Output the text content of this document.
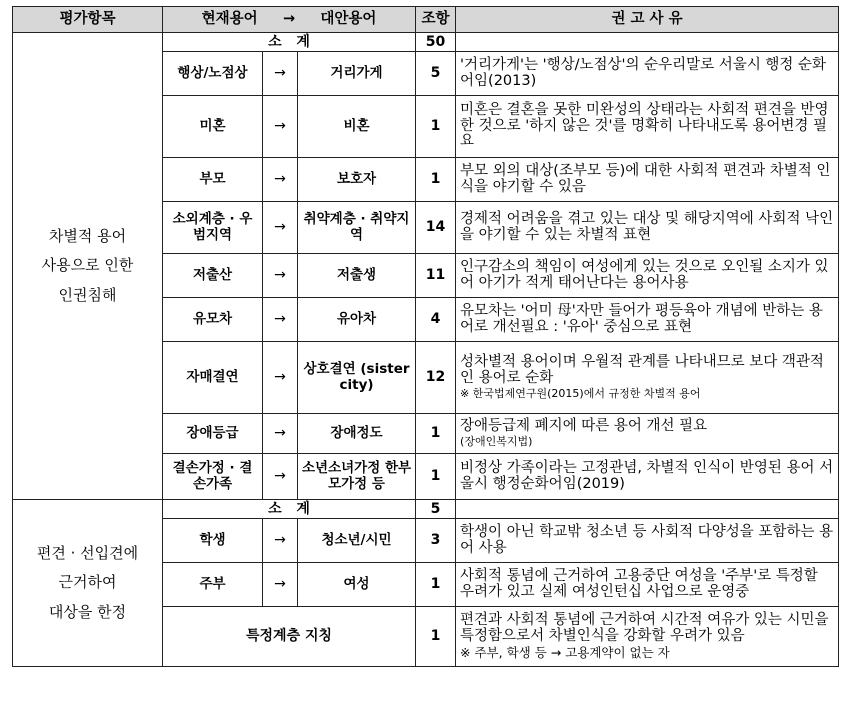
평가항목	현재용어 → 대안용어			조항	권 고 사 유
차별적 용어
사용으로 인한
인권침해	소   계			50	
	행상/노점상	→	거리가게	5	'거리가게'는 '행상/노점상'의 순우리말로 서울시 행정 순화어임(2013)
	미혼	→	비혼	1	미혼은 결혼을 못한 미완성의 상태라는 사회적 편견을 반영한 것으로 '하지 않은 것'를 명확히 나타내도록 용어변경 필요
	부모	→	보호자	1	부모 외의 대상(조부모 등)에 대한 사회적 편견과 차별적 인식을 야기할 수 있음
	소외계층 · 우범지역	→	취약계층 · 취약지역	14	경제적 어려움을 겪고 있는 대상 및 해당지역에 사회적 낙인을 야기할 수 있는 차별적 표현
	저출산	→	저출생	11	인구감소의 책임이 여성에게 있는 것으로 오인될 소지가 있어 아기가 적게 태어난다는 용어사용
	유모차	→	유아차	4	유모차는 '어미 母'자만 들어가 평등육아 개념에 반하는 용어로 개선필요 : '유아' 중심으로 표현
	자매결연	→	상호결연 (sister city)	12	성차별적 용어이며 우월적 관계를 나타내므로 보다 객관적인 용어로 순화
※ 한국법제연구원(2015)에서 규정한 차별적 용어

	장애등급	→	장애정도	1	장애등급제 폐지에 따른 용어 개선 필요
(장애인복지법)

	결손가정 · 결손가족	→	소년소녀가정 한부모가정 등	1	비정상 가족이라는 고정관념, 차별적 인식이 반영된 용어 서울시 행정순화어임(2019)
편견 · 선입견에
근거하여
대상을 한정	소   계			5	
	학생	→	청소년/시민	3	학생이 아닌 학교밖 청소년 등 사회적 다양성을 포함하는 용어 사용
	주부	→	여성	1	사회적 통념에 근거하여 고용중단 여성을 '주부'로 특정할 우려가 있고 실제 여성인턴십 사업으로 운영중
	특정계층 지칭			1	편견과 사회적 통념에 근거하여 시간적 여유가 있는 시민을 특정함으로서 차별인식을 강화할 우려가 있음
※ 주부, 학생 등 → 고용계약이 없는 자
